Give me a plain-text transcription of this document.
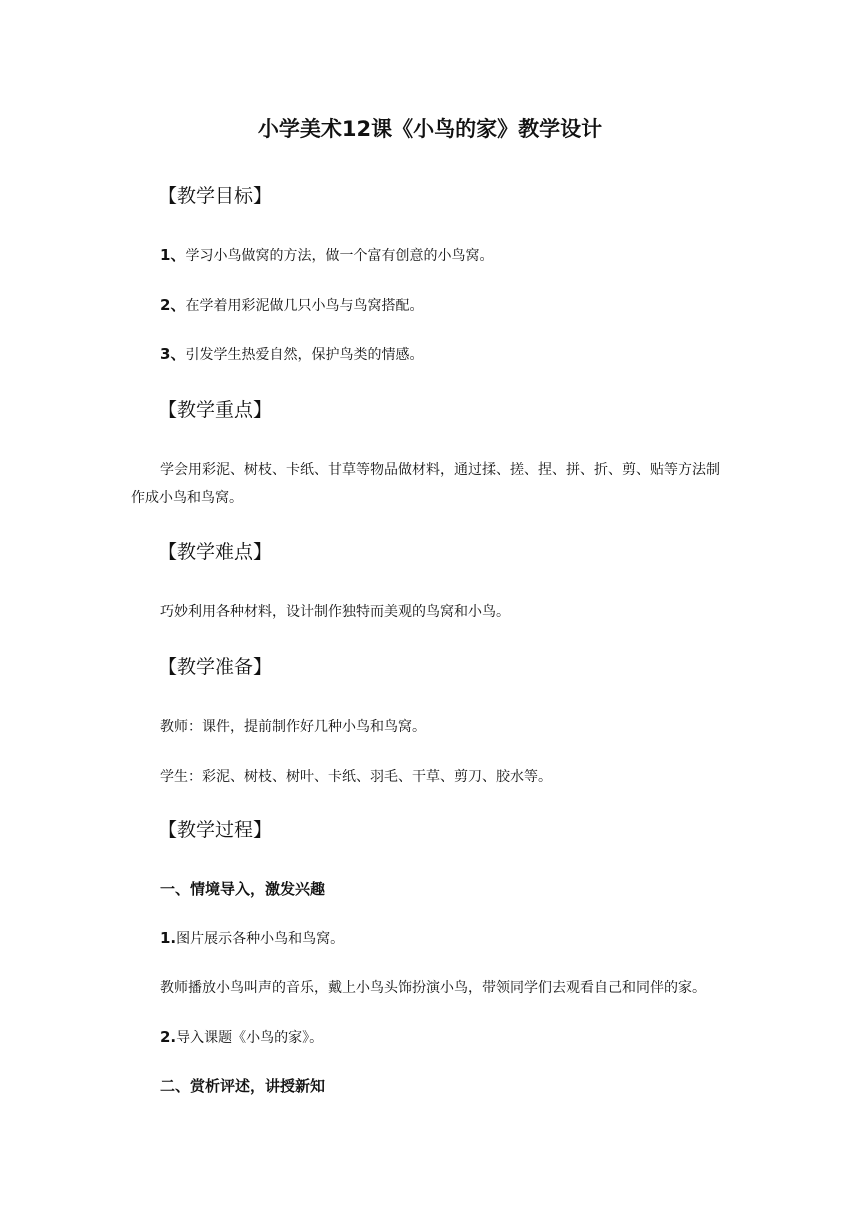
小学美术12课《小鸟的家》教学设计
【教学目标】
1、学习小鸟做窝的方法，做一个富有创意的小鸟窝。
2、在学着用彩泥做几只小鸟与鸟窝搭配。
3、引发学生热爱自然，保护鸟类的情感。
【教学重点】
学会用彩泥、树枝、卡纸、甘草等物品做材料，通过揉、搓、捏、拼、折、剪、贴等方法制
作成小鸟和鸟窝。
【教学难点】
巧妙利用各种材料，设计制作独特而美观的鸟窝和小鸟。
【教学准备】
教师：课件，提前制作好几种小鸟和鸟窝。
学生：彩泥、树枝、树叶、卡纸、羽毛、干草、剪刀、胶水等。
【教学过程】
一、情境导入，激发兴趣
1.图片展示各种小鸟和鸟窝。
教师播放小鸟叫声的音乐，戴上小鸟头饰扮演小鸟，带领同学们去观看自己和同伴的家。
2.导入课题《小鸟的家》。
二、赏析评述，讲授新知
